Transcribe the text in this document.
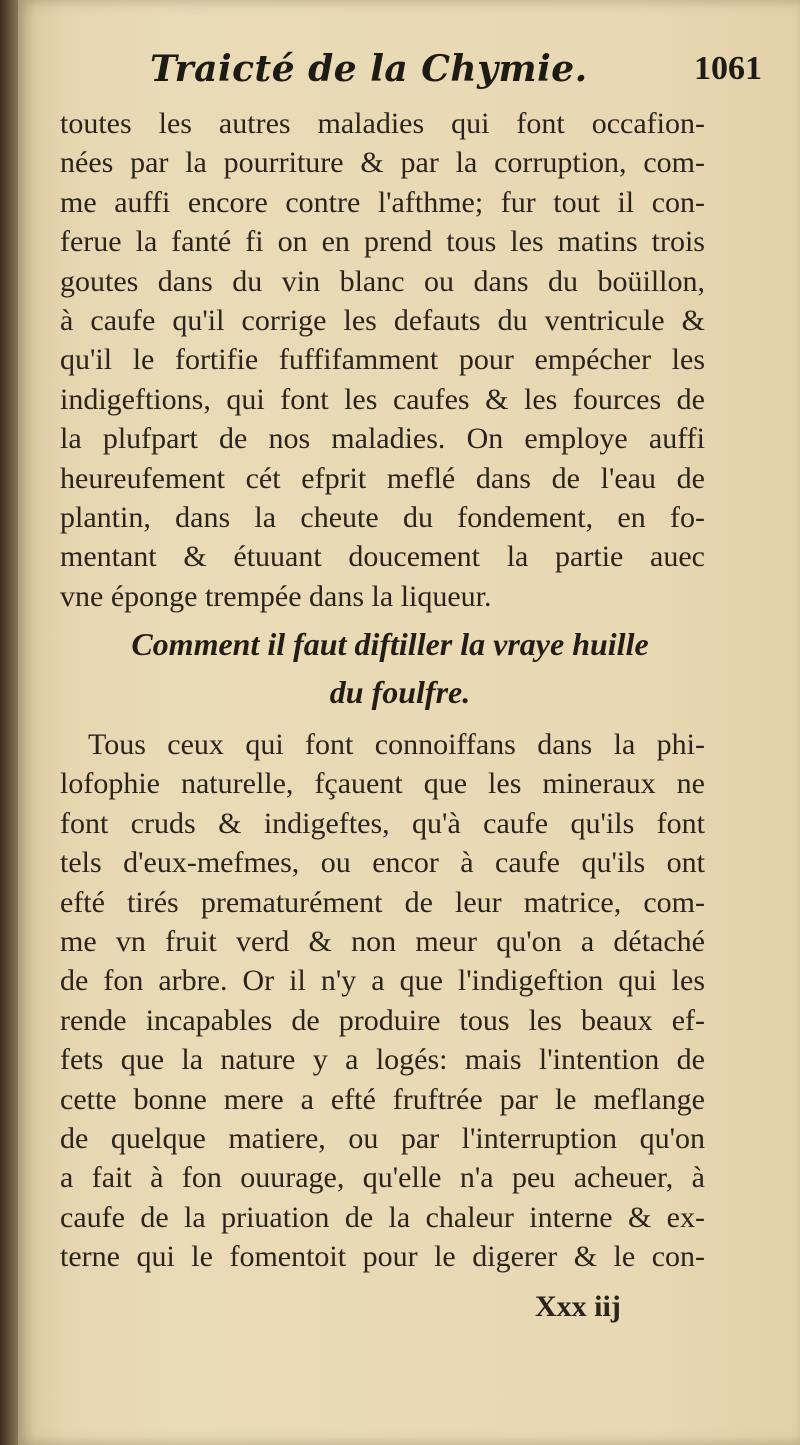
Traicté de la Chymie.	1061
toutes les autres maladies qui font occafion-
nées par la pourriture & par la corruption, com-
me auffi encore contre l'afthme; fur tout il con-
ferue la fanté fi on en prend tous les matins trois
goutes dans du vin blanc ou dans du boüillon,
à caufe qu'il corrige les defauts du ventricule &
qu'il le fortifie fuffifamment pour empécher les
indigeftions, qui font les caufes & les fources de
la plufpart de nos maladies. On employe auffi
heureufement cét efprit meflé dans de l'eau de
plantin, dans la cheute du fondement, en fo-
mentant & étuuant doucement la partie auec
vne éponge trempée dans la liqueur.
Comment il faut diftiller la vraye huille
du foulfre.
Tous ceux qui font connoiffans dans la phi-
lofophie naturelle, fçauent que les mineraux ne
font cruds & indigeftes, qu'à caufe qu'ils font
tels d'eux-mefmes, ou encor à caufe qu'ils ont
efté tirés prematurément de leur matrice, com-
me vn fruit verd & non meur qu'on a détaché
de fon arbre. Or il n'y a que l'indigeftion qui les
rende incapables de produire tous les beaux ef-
fets que la nature y a logés: mais l'intention de
cette bonne mere a efté fruftrée par le meflange
de quelque matiere, ou par l'interruption qu'on
a fait à fon ouurage, qu'elle n'a peu acheuer, à
caufe de la priuation de la chaleur interne & ex-
terne qui le fomentoit pour le digerer & le con-
Xxx iij
